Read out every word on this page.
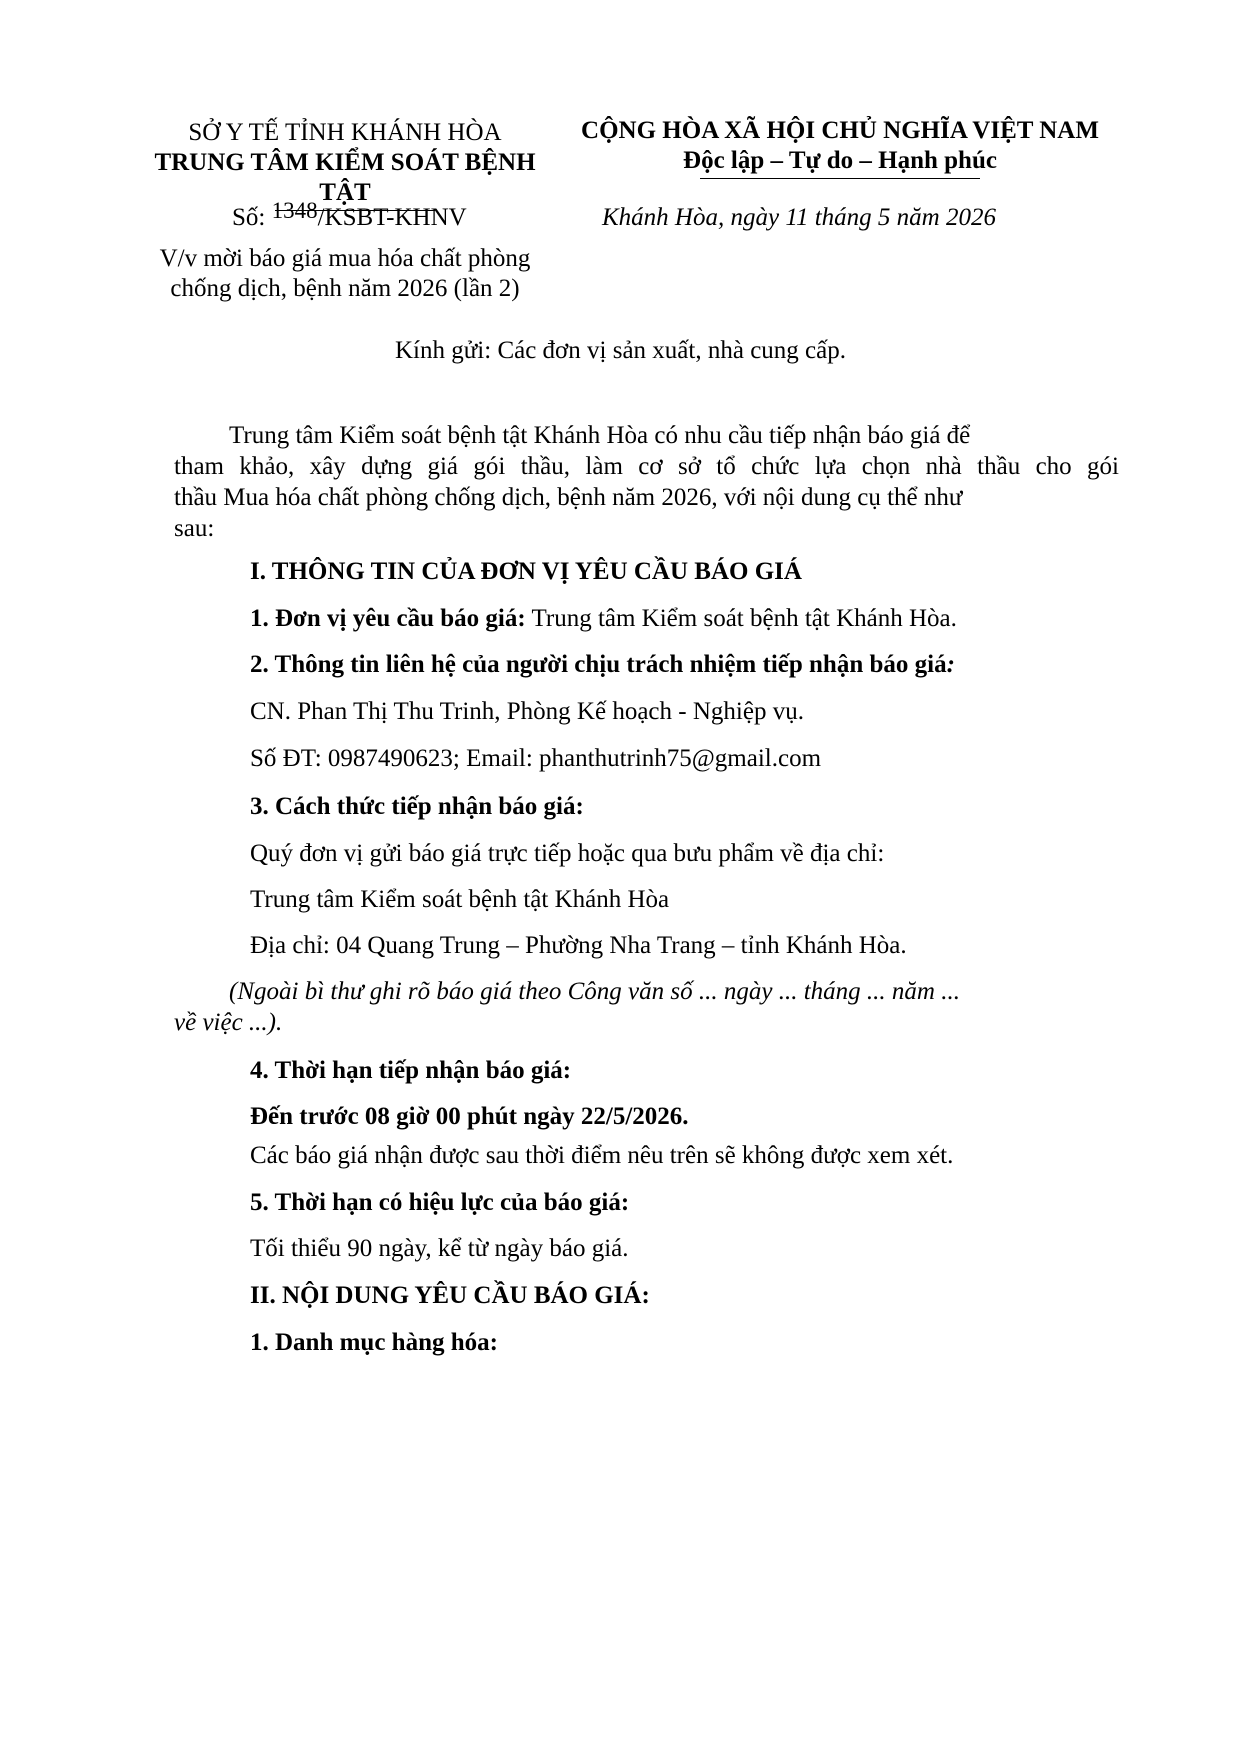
SỞ Y TẾ TỈNH KHÁNH HÒA
TRUNG TÂM KIỂM SOÁT BỆNH TẬT
CỘNG HÒA XÃ HỘI CHỦ NGHĨA VIỆT NAM
Độc lập – Tự do – Hạnh phúc
Số: 1348/KSBT-KHNV	Khánh Hòa, ngày 11 tháng 5 năm 2026
V/v mời báo giá mua hóa chất phòng
chống dịch, bệnh năm 2026 (lần 2)
Kính gửi: Các đơn vị sản xuất, nhà cung cấp.
Trung tâm Kiểm soát bệnh tật Khánh Hòa có nhu cầu tiếp nhận báo giá để
tham khảo, xây dựng giá gói thầu, làm cơ sở tổ chức lựa chọn nhà thầu cho gói
thầu Mua hóa chất phòng chống dịch, bệnh năm 2026, với nội dung cụ thể như
sau:
I. THÔNG TIN CỦA ĐƠN VỊ YÊU CẦU BÁO GIÁ
1. Đơn vị yêu cầu báo giá: Trung tâm Kiểm soát bệnh tật Khánh Hòa.
2. Thông tin liên hệ của người chịu trách nhiệm tiếp nhận báo giá:
CN. Phan Thị Thu Trinh, Phòng Kế hoạch - Nghiệp vụ.
Số ĐT: 0987490623; Email: phanthutrinh75@gmail.com
3. Cách thức tiếp nhận báo giá:
Quý đơn vị gửi báo giá trực tiếp hoặc qua bưu phẩm về địa chỉ:
Trung tâm Kiểm soát bệnh tật Khánh Hòa
Địa chỉ: 04 Quang Trung – Phường Nha Trang – tỉnh Khánh Hòa.
(Ngoài bì thư ghi rõ báo giá theo Công văn số ... ngày ... tháng ... năm ...
về việc ...).
4. Thời hạn tiếp nhận báo giá:
Đến trước 08 giờ 00 phút ngày 22/5/2026.
Các báo giá nhận được sau thời điểm nêu trên sẽ không được xem xét.
5. Thời hạn có hiệu lực của báo giá:
Tối thiểu 90 ngày, kể từ ngày báo giá.
II. NỘI DUNG YÊU CẦU BÁO GIÁ:
1. Danh mục hàng hóa:
